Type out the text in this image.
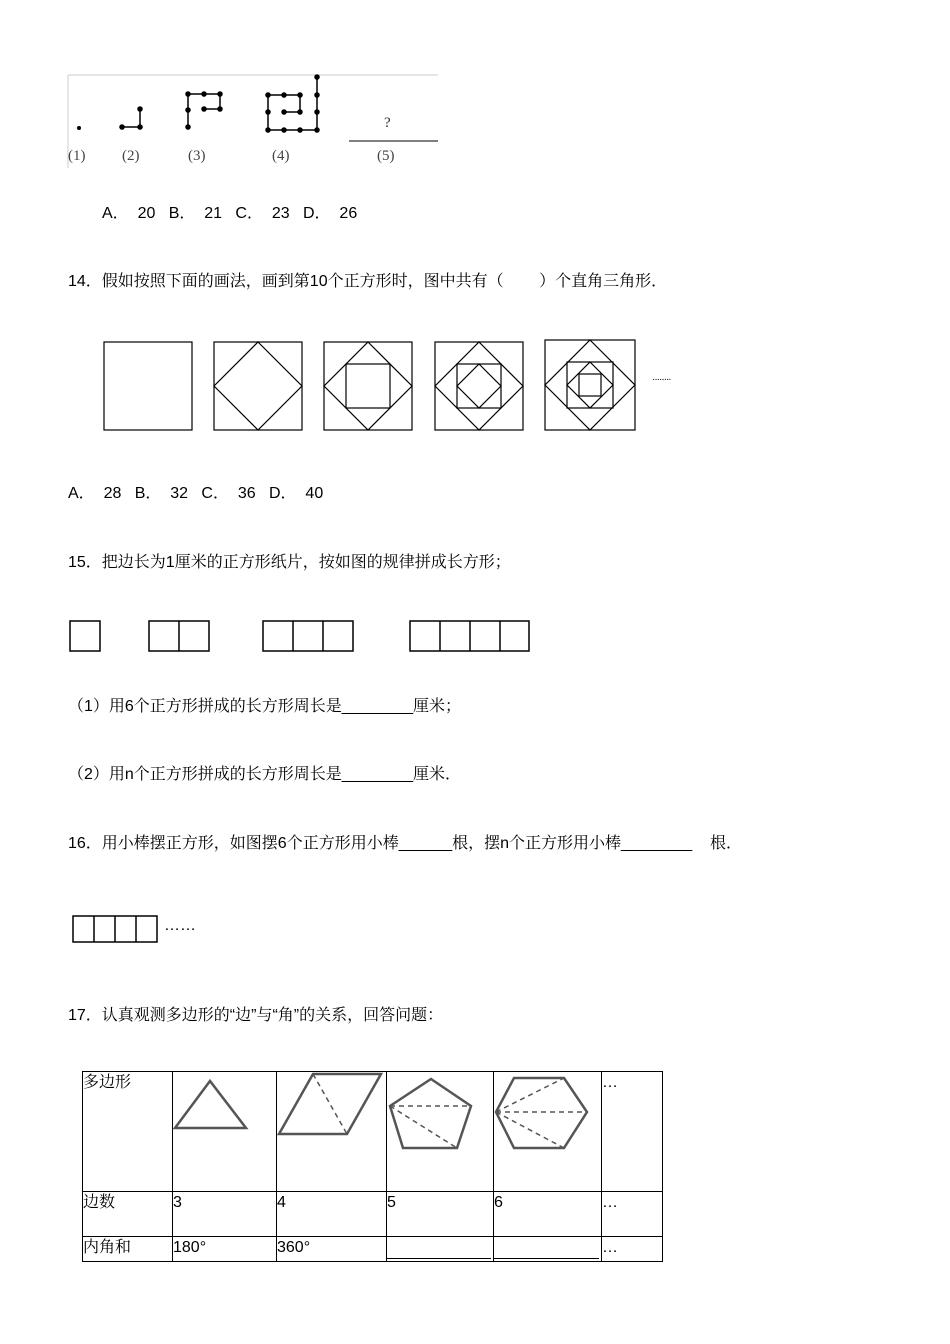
?
(1) (2)	(3)	(4)	(5)
A．  20   B．  21   C．  23   D．  26
14．假如按照下面的画法，画到第10个正方形时，图中共有（        ）个直角三角形．
········
A．  28   B．  32   C．  36   D．  40
15．把边长为1厘米的正方形纸片，按如图的规律拼成长方形；
（1）用6个正方形拼成的长方形周长是________厘米；
（2）用n个正方形拼成的长方形周长是________厘米．
16．用小棒摆正方形，如图摆6个正方形用小棒______根，摆n个正方形用小棒________    根．
……
17．认真观测多边形的“边”与“角”的关系，回答问题：
多边形					…
边数	3	4	5	6	…
内角和	180°	360°			…
